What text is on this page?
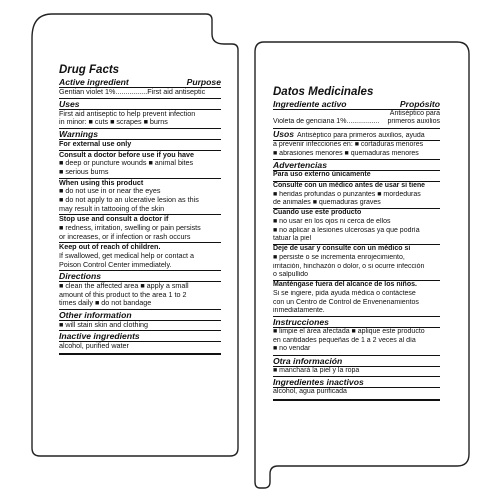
Drug Facts
Active ingredient	Purpose
Gentian violet 1%................First aid antiseptic
Uses
First aid antiseptic to help prevent infection
in minor: ■ cuts ■ scrapes ■ burns
Warnings
For external use only
Consult a doctor before use if you have
■ deep or puncture wounds ■ animal bites
■ serious burns
When using this product
■ do not use in or near the eyes
■ do not apply to an ulcerative lesion as this
may result in tattooing of the skin
Stop use and consult a doctor if
■ redness, irritation, swelling or pain persists
or increases, or if infection or rash occurs
Keep out of reach of children.
If swallowed, get medical help or contact a
Poison Control Center immediately.
Directions
■ clean the affected area ■ apply a small
amount of this product to the area 1 to 2
times daily ■ do not bandage
Other information
■ will stain skin and clothing
Inactive ingredients
alcohol, purified water
Datos Medicinales
Ingrediente activo	Propósito
Antiséptico para
Violeta de genciana 1%................. primeros auxilios
Usos Antiséptico para primeros auxilios, ayuda
a prevenir infecciones en: ■ cortaduras menores
■ abrasiones menores ■ quemaduras menores
Advertencias
Para uso externo únicamente
Consulte con un médico antes de usar si tiene
■ heridas profundas o punzantes ■ mordeduras
de animales ■ quemaduras graves
Cuando use este producto
■ no usar en los ojos ni cerca de ellos
■ no aplicar a lesiones ulcerosas ya que podría
tatuar la piel
Deje de usar y consulte con un médico si
■ persiste o se incrementa enrojecimiento,
irritación, hinchazón o dolor, o si ocurre infección
o salpullido
Manténgase fuera del alcance de los niños.
Si se ingiere, pida ayuda médica o contáctese
con un Centro de Control de Envenenamientos
inmediatamente.
Instrucciones
■ limpie el área afectada ■ aplique este producto
en cantidades pequeñas de 1 a 2 veces al día
■ no vendar
Otra información
■ manchará la piel y la ropa
Ingredientes inactivos
alcohol, agua purificada
